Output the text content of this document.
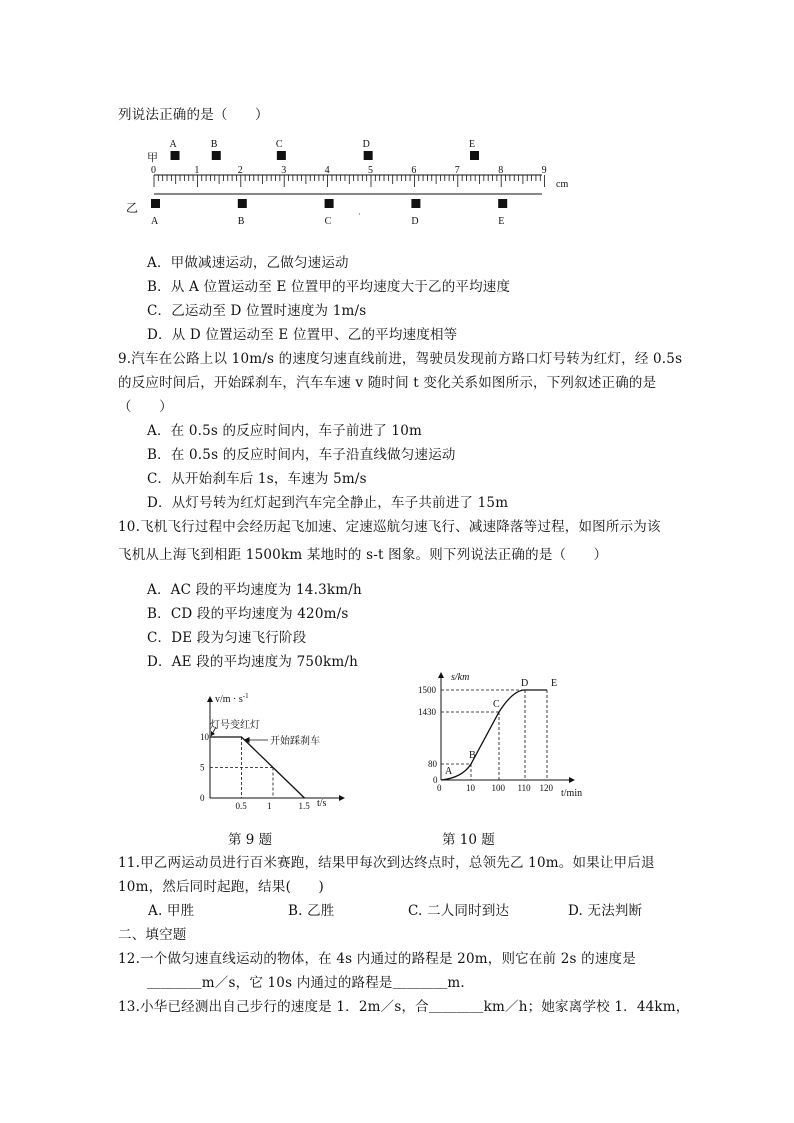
列说法正确的是（　　）
甲
乙
0	1	2	3	4	5	6	7	8	9
cm
A	B	C	D	E
A	B	C	D	E
·
A．甲做减速运动，乙做匀速运动
B．从 A 位置运动至 E 位置甲的平均速度大于乙的平均速度
C．乙运动至 D 位置时速度为 1m/s
D．从 D 位置运动至 E 位置甲、乙的平均速度相等
9.汽车在公路上以 10m/s 的速度匀速直线前进，驾驶员发现前方路口灯号转为红灯，经 0.5s
的反应时间后，开始踩刹车，汽车车速 v 随时间 t 变化关系如图所示，下列叙述正确的是
（　　）
A．在 0.5s 的反应时间内，车子前进了 10m
B．在 0.5s 的反应时间内，车子沿直线做匀速运动
C．从开始刹车后 1s，车速为 5m/s
D．从灯号转为红灯起到汽车完全静止，车子共前进了 15m
10.飞机飞行过程中会经历起飞加速、定速巡航匀速飞行、减速降落等过程，如图所示为该
飞机从上海飞到相距 1500km 某地时的 s-t 图象。则下列说法正确的是（　　）
A．AC 段的平均速度为 14.3km/h
B．CD 段的平均速度为 420m/s
C．DE 段为匀速飞行阶段
D．AE 段的平均速度为 750km/h
10
5
0
0.5 1	1.5
$v/m \cdot s^{-1}$
灯号变红灯
开始踩刹车
t/s
第 9 题
1500
1430
80
0
10 100 110 120
A
B
C
D E
0
s/km
t/min
第 10 题
11.甲乙两运动员进行百米赛跑，结果甲每次到达终点时，总领先乙 10m。如果让甲后退
10m，然后同时起跑，结果(　　)
A. 甲胜	B. 乙胜	C. 二人同时到达	D. 无法判断
二、填空题
12.一个做匀速直线运动的物体，在 4s 内通过的路程是 20m，则它在前 2s 的速度是
＿＿＿＿m／s，它 10s 内通过的路程是＿＿＿＿m.
13.小华已经测出自己步行的速度是 1．2m／s，合＿＿＿＿km／h；她家离学校 1．44km，
